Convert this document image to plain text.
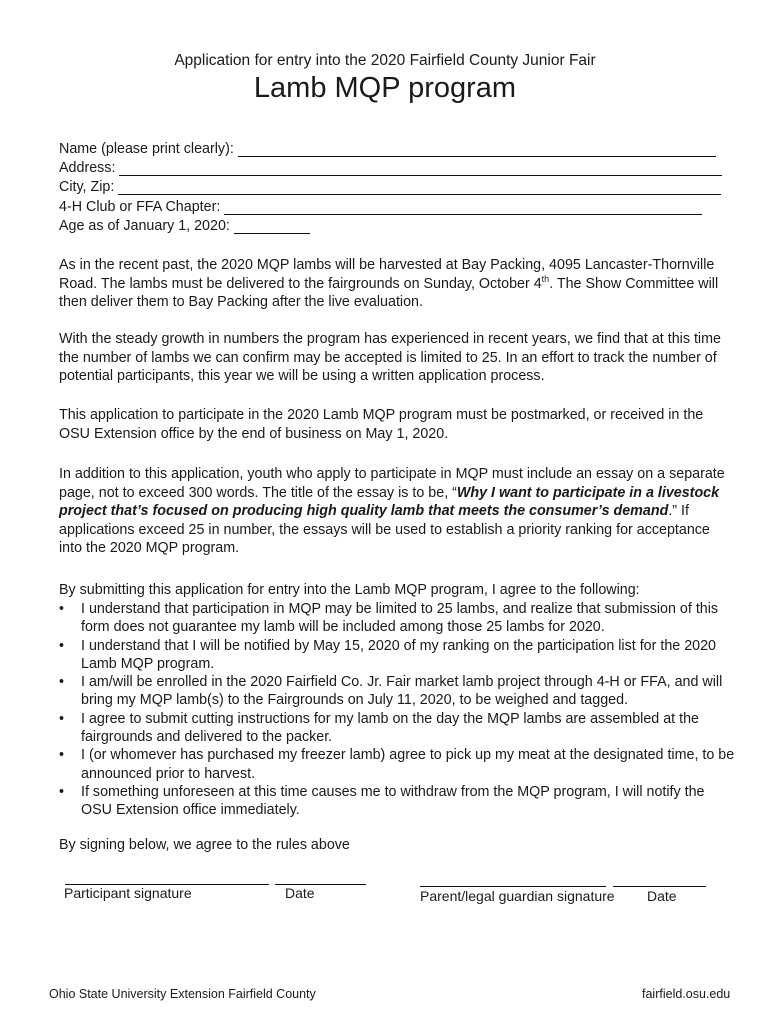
Application for entry into the 2020 Fairfield County Junior Fair
Lamb MQP program
Name (please print clearly):
Address:
City, Zip:
4-H Club or FFA Chapter:
Age as of January 1, 2020:

As in the recent past, the 2020 MQP lambs will be harvested at Bay Packing, 4095 Lancaster-Thornville Road. The lambs must be delivered to the fairgrounds on Sunday, October 4th. The Show Committee will then deliver them to Bay Packing after the live evaluation.

With the steady growth in numbers the program has experienced in recent years, we find that at this time the number of lambs we can confirm may be accepted is limited to 25. In an effort to track the number of potential participants, this year we will be using a written application process.

This application to participate in the 2020 Lamb MQP program must be postmarked, or received in the OSU Extension office by the end of business on May 1, 2020.

In addition to this application, youth who apply to participate in MQP must include an essay on a separate page, not to exceed 300 words. The title of the essay is to be, “Why I want to participate in a livestock project that’s focused on producing high quality lamb that meets the consumer’s demand.” If applications exceed 25 in number, the essays will be used to establish a priority ranking for acceptance into the 2020 MQP program.

By submitting this application for entry into the Lamb MQP program, I agree to the following:

• I understand that participation in MQP may be limited to 25 lambs, and realize that submission of this form does not guarantee my lamb will be included among those 25 lambs for 2020.
• I understand that I will be notified by May 15, 2020 of my ranking on the participation list for the 2020 Lamb MQP program.
• I am/will be enrolled in the 2020 Fairfield Co. Jr. Fair market lamb project through 4-H or FFA, and will bring my MQP lamb(s) to the Fairgrounds on July 11, 2020, to be weighed and tagged.
• I agree to submit cutting instructions for my lamb on the day the MQP lambs are assembled at the fairgrounds and delivered to the packer.
• I (or whomever has purchased my freezer lamb) agree to pick up my meat at the designated time, to be announced prior to harvest.
• If something unforeseen at this time causes me to withdraw from the MQP program, I will notify the OSU Extension office immediately.

By signing below, we agree to the rules above

Participant signature	Date	Parent/legal guardian signature Date
Ohio State University Extension Fairfield County	fairfield.osu.edu
